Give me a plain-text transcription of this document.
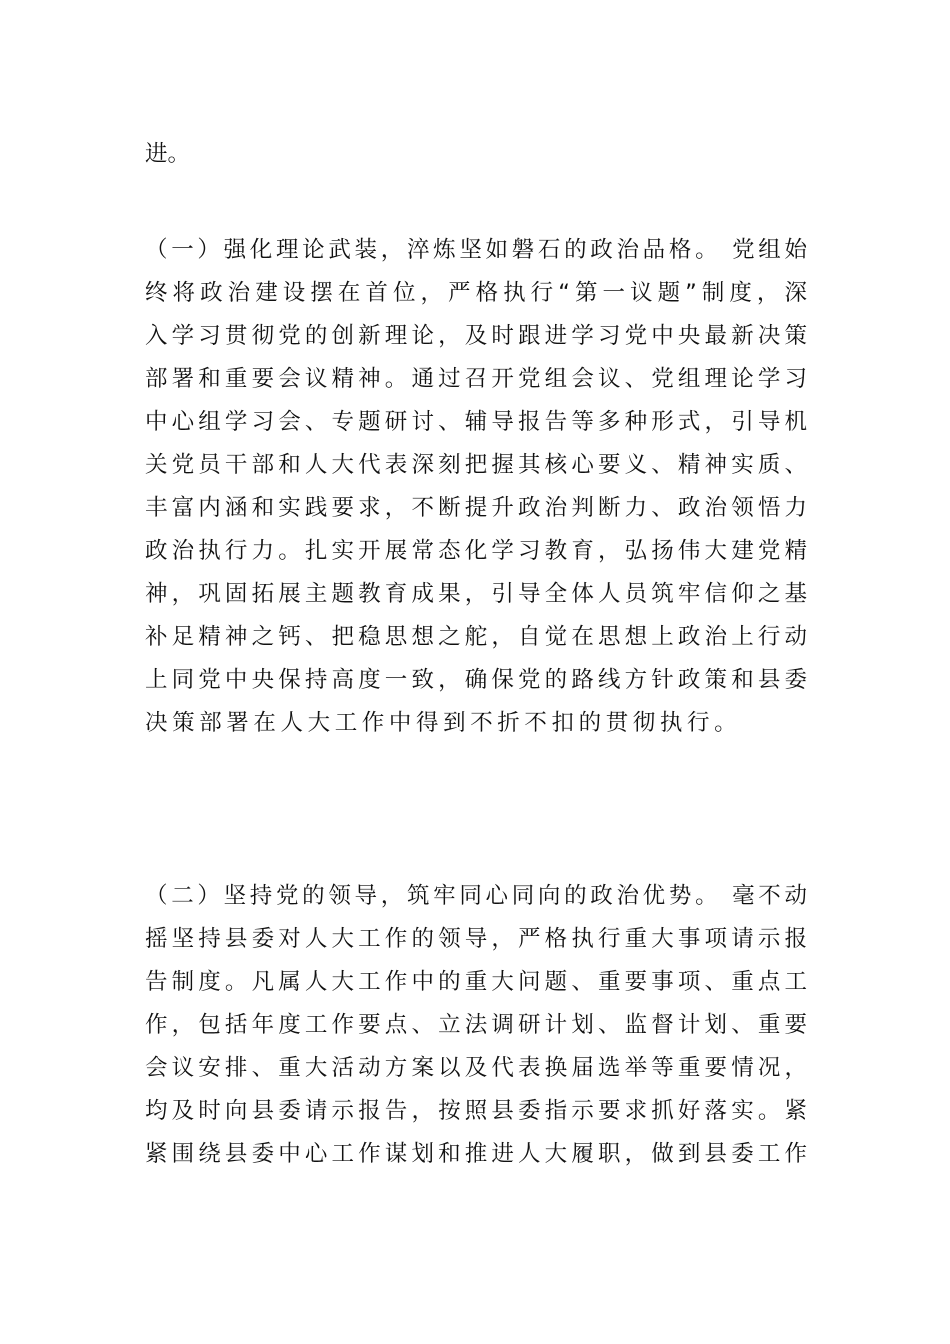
进。
（一）强化理论武装，淬炼坚如磐石的政治品格。 党组始
终将政治建设摆在首位，严格执行“第一议题”制度，深
入学习贯彻党的创新理论，及时跟进学习党中央最新决策
部署和重要会议精神。通过召开党组会议、党组理论学习
中心组学习会、专题研讨、辅导报告等多种形式，引导机
关党员干部和人大代表深刻把握其核心要义、精神实质、
丰富内涵和实践要求，不断提升政治判断力、政治领悟力
政治执行力。扎实开展常态化学习教育，弘扬伟大建党精
神，巩固拓展主题教育成果，引导全体人员筑牢信仰之基
补足精神之钙、把稳思想之舵，自觉在思想上政治上行动
上同党中央保持高度一致，确保党的路线方针政策和县委
决策部署在人大工作中得到不折不扣的贯彻执行。
（二）坚持党的领导，筑牢同心同向的政治优势。 毫不动
摇坚持县委对人大工作的领导，严格执行重大事项请示报
告制度。凡属人大工作中的重大问题、重要事项、重点工
作，包括年度工作要点、立法调研计划、监督计划、重要
会议安排、重大活动方案以及代表换届选举等重要情况，
均及时向县委请示报告，按照县委指示要求抓好落实。紧
紧围绕县委中心工作谋划和推进人大履职，做到县委工作
